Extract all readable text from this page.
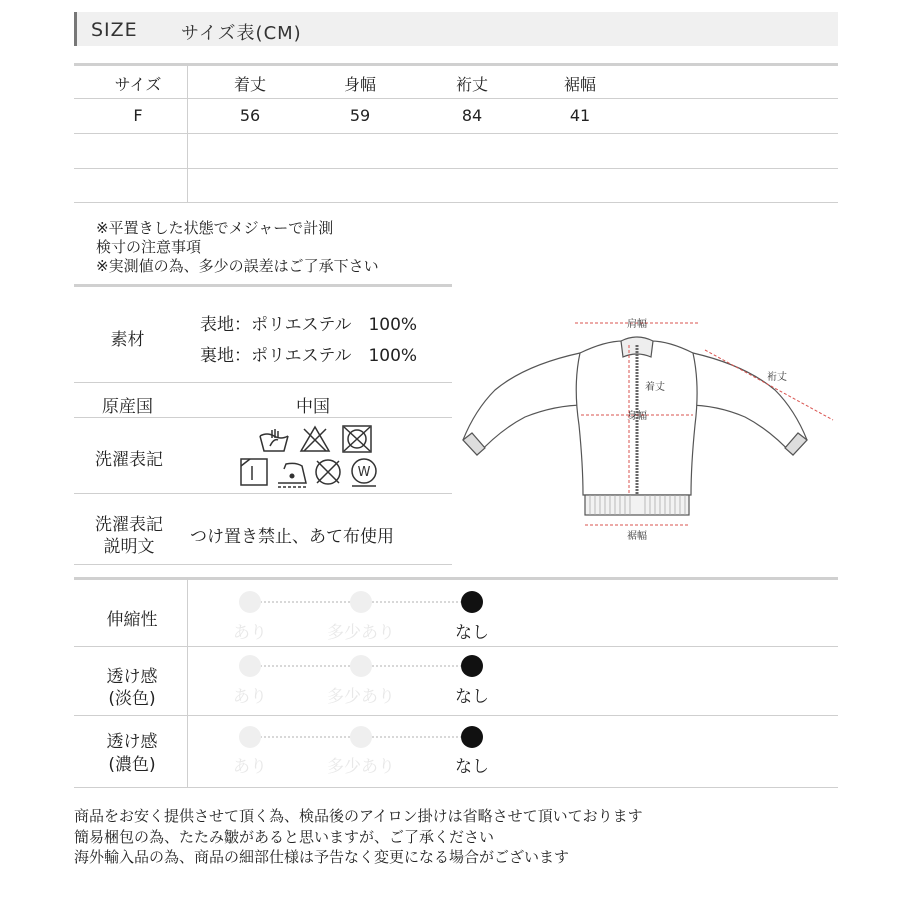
SIZE サイズ表(CM)
サイズ	着丈	身幅	裄丈	裾幅
F	56	59	84	41
※平置きした状態でメジャーで計測
検寸の注意事項
※実測値の為、多少の誤差はご了承下さい
素材
表地：ポリエステル　100%
裏地：ポリエステル　100%
原産国	中国
洗濯表記
W
洗濯表記
説明文	つけ置き禁止、あて布使用
肩幅
裄丈
着丈
身幅
裾幅
伸縮性
あり	多少あり	なし
透け感
(淡色)	あり	多少あり	なし
透け感
(濃色)	あり	多少あり	なし
商品をお安く提供させて頂く為、検品後のアイロン掛けは省略させて頂いております
簡易梱包の為、たたみ皺があると思いますが、ご了承ください
海外輸入品の為、商品の細部仕様は予告なく変更になる場合がございます
